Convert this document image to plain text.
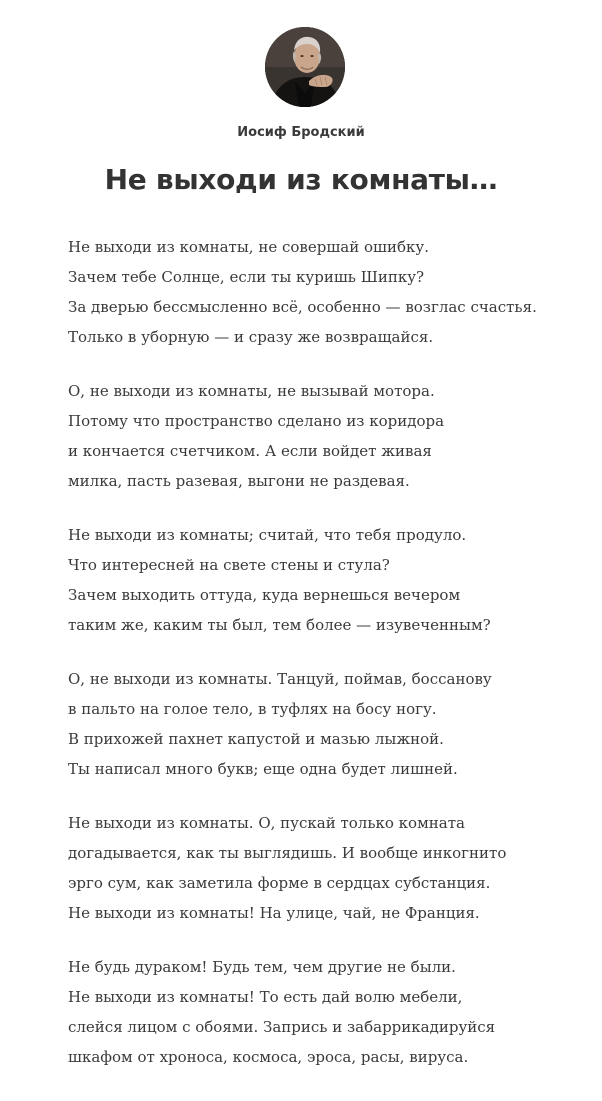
Иосиф Бродский
Не выходи из комнаты…
Не выходи из комнаты, не совершай ошибку.
Зачем тебе Солнце, если ты куришь Шипку?
За дверью бессмысленно всё, особенно — возглас счастья.
Только в уборную — и сразу же возвращайся.
О, не выходи из комнаты, не вызывай мотора.
Потому что пространство сделано из коридора
и кончается счетчиком. А если войдет живая
милка, пасть разевая, выгони не раздевая.
Не выходи из комнаты; считай, что тебя продуло.
Что интересней на свете стены и стула?
Зачем выходить оттуда, куда вернешься вечером
таким же, каким ты был, тем более — изувеченным?
О, не выходи из комнаты. Танцуй, поймав, боссанову
в пальто на голое тело, в туфлях на босу ногу.
В прихожей пахнет капустой и мазью лыжной.
Ты написал много букв; еще одна будет лишней.
Не выходи из комнаты. О, пускай только комната
догадывается, как ты выглядишь. И вообще инкогнито
эрго сум, как заметила форме в сердцах субстанция.
Не выходи из комнаты! На улице, чай, не Франция.
Не будь дураком! Будь тем, чем другие не были.
Не выходи из комнаты! То есть дай волю мебели,
слейся лицом с обоями. Запрись и забаррикадируйся
шкафом от хроноса, космоса, эроса, расы, вируса.
